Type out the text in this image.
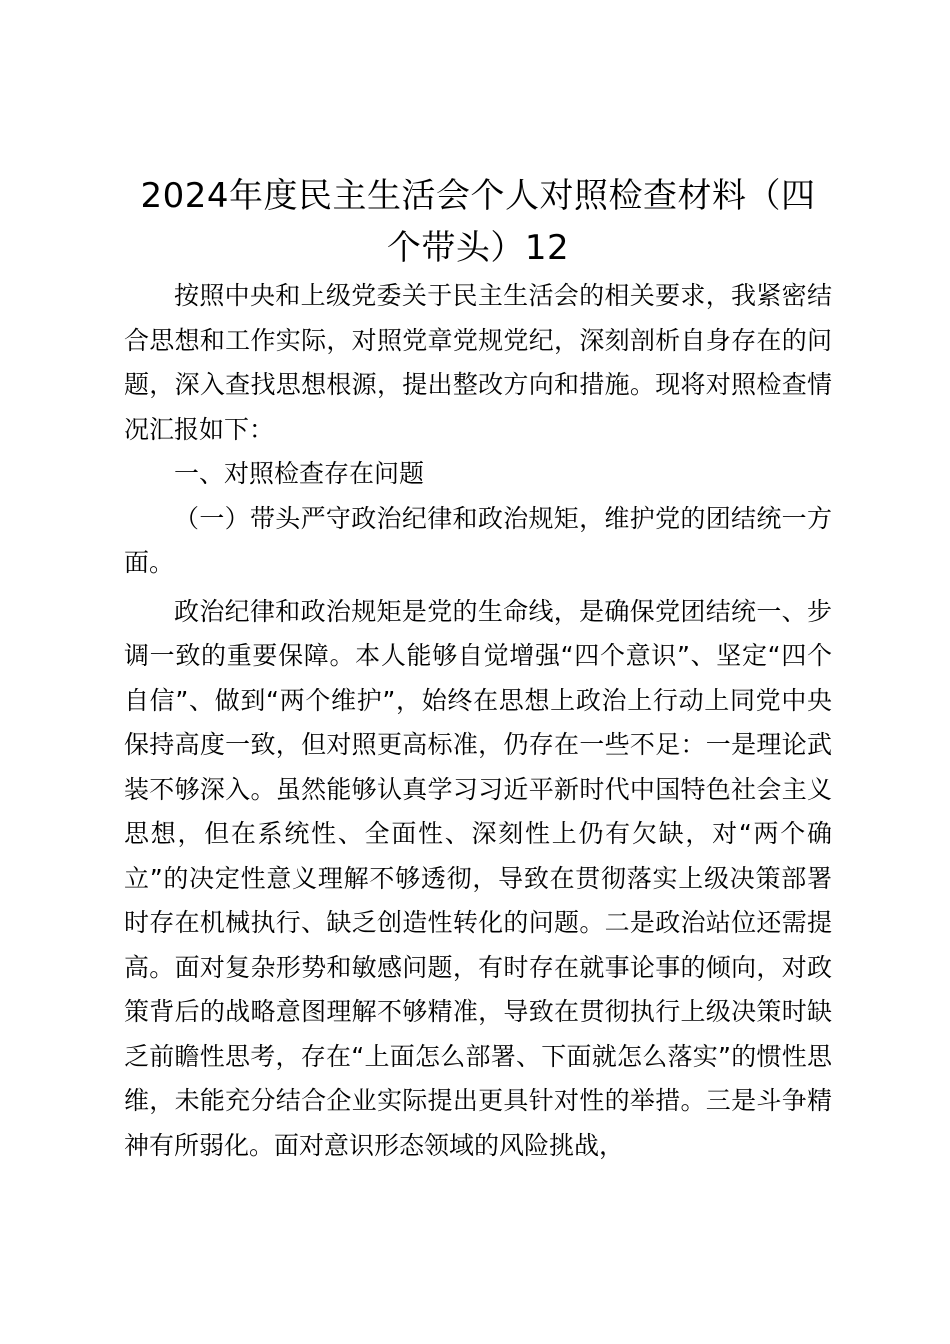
2024年度民主生活会个人对照检查材料（四个带头）12

按照中央和上级党委关于民主生活会的相关要求，我紧密结合思想和工作实际，对照党章党规党纪，深刻剖析自身存在的问题，深入查找思想根源，提出整改方向和措施。现将对照检查情况汇报如下：

一、对照检查存在问题

（一）带头严守政治纪律和政治规矩，维护党的团结统一方面。

政治纪律和政治规矩是党的生命线，是确保党团结统一、步调一致的重要保障。本人能够自觉增强“四个意识”、坚定“四个自信”、做到“两个维护”，始终在思想上政治上行动上同党中央保持高度一致，但对照更高标准，仍存在一些不足：一是理论武装不够深入。虽然能够认真学习习近平新时代中国特色社会主义思想，但在系统性、全面性、深刻性上仍有欠缺，对“两个确立”的决定性意义理解不够透彻，导致在贯彻落实上级决策部署时存在机械执行、缺乏创造性转化的问题。二是政治站位还需提高。面对复杂形势和敏感问题，有时存在就事论事的倾向，对政策背后的战略意图理解不够精准，导致在贯彻执行上级决策时缺乏前瞻性思考，存在“上面怎么部署、下面就怎么落实”的惯性思维，未能充分结合企业实际提出更具针对性的举措。三是斗争精神有所弱化。面对意识形态领域的风险挑战，
